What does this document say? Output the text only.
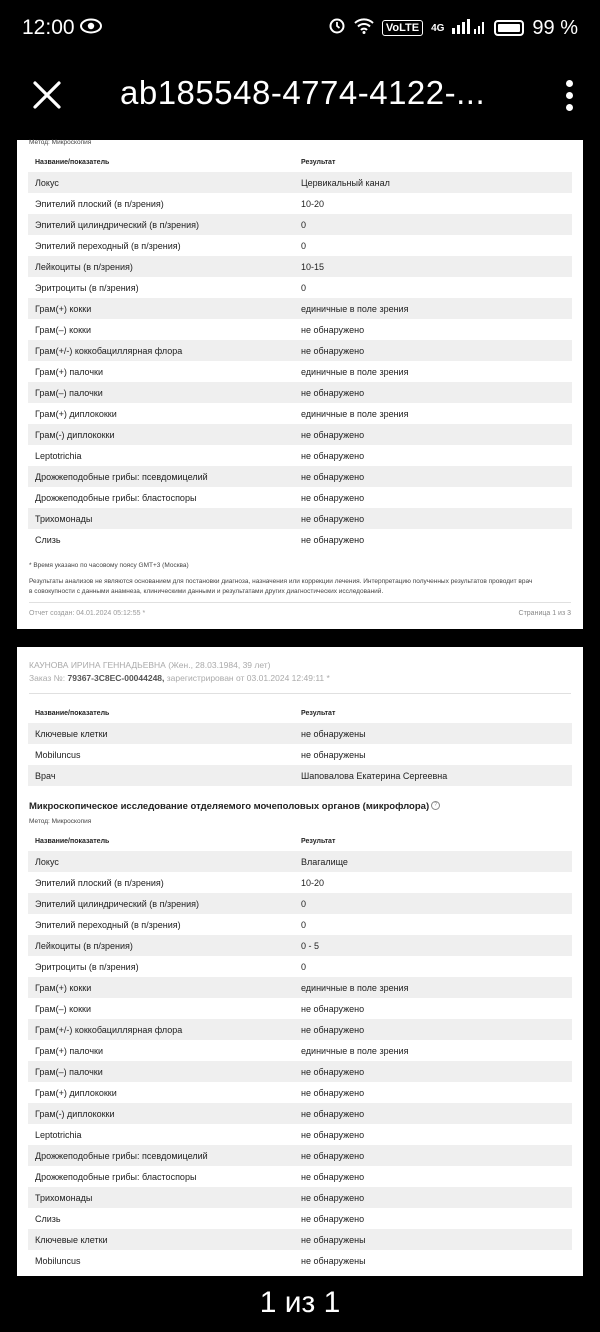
12:00	VoLTE	4G	99 %
ab185548-4774-4122-...
Метод: Микроскопия
Название/показатель	Результат
Локус	Цервикальный канал
Эпителий плоский (в п/зрения)	10-20
Эпителий цилиндрический (в п/зрения)	0
Эпителий переходный (в п/зрения)	0
Лейкоциты (в п/зрения)	10-15
Эритроциты (в п/зрения)	0
Грам(+) кокки	единичные в поле зрения
Грам(–) кокки	не обнаружено
Грам(+/-) коккобациллярная флора	не обнаружено
Грам(+) палочки	единичные в поле зрения
Грам(–) палочки	не обнаружено
Грам(+) диплококки	единичные в поле зрения
Грам(-) диплококки	не обнаружено
Leptotrichia	не обнаружено
Дрожжеподобные грибы: псевдомицелий	не обнаружено
Дрожжеподобные грибы: бластоспоры	не обнаружено
Трихомонады	не обнаружено
Слизь	не обнаружено
* Время указано по часовому поясу GMT+3 (Москва)
Результаты анализов не являются основанием для постановки диагноза, назначения или коррекции лечения. Интерпретацию полученных результатов проводит врач
в совокупности с данными анамнеза, клиническими данными и результатами других диагностических исследований.
Отчет создан: 04.01.2024 05:12:55 *	Страница 1 из 3
КАУНОВА ИРИНА ГЕННАДЬЕВНА (Жен., 28.03.1984, 39 лет)
Заказ №: 79367-3C8EC-00044248, зарегистрирован от 03.01.2024 12:49:11 *
Название/показатель	Результат
Ключевые клетки	не обнаружены
Mobiluncus	не обнаружены
Врач	Шаповалова Екатерина Сергеевна
Микроскопическое исследование отделяемого мочеполовых органов (микрофлора) ?
Метод: Микроскопия
Название/показатель	Результат
Локус	Влагалище
Эпителий плоский (в п/зрения)	10-20
Эпителий цилиндрический (в п/зрения)	0
Эпителий переходный (в п/зрения)	0
Лейкоциты (в п/зрения)	0 - 5
Эритроциты (в п/зрения)	0
Грам(+) кокки	единичные в поле зрения
Грам(–) кокки	не обнаружено
Грам(+/-) коккобациллярная флора	не обнаружено
Грам(+) палочки	единичные в поле зрения
Грам(–) палочки	не обнаружено
Грам(+) диплококки	не обнаружено
Грам(-) диплококки	не обнаружено
Leptotrichia	не обнаружено
Дрожжеподобные грибы: псевдомицелий	не обнаружено
Дрожжеподобные грибы: бластоспоры	не обнаружено
Трихомонады	не обнаружено
Слизь	не обнаружено
Ключевые клетки	не обнаружены
Mobiluncus	не обнаружены
1 из 1
